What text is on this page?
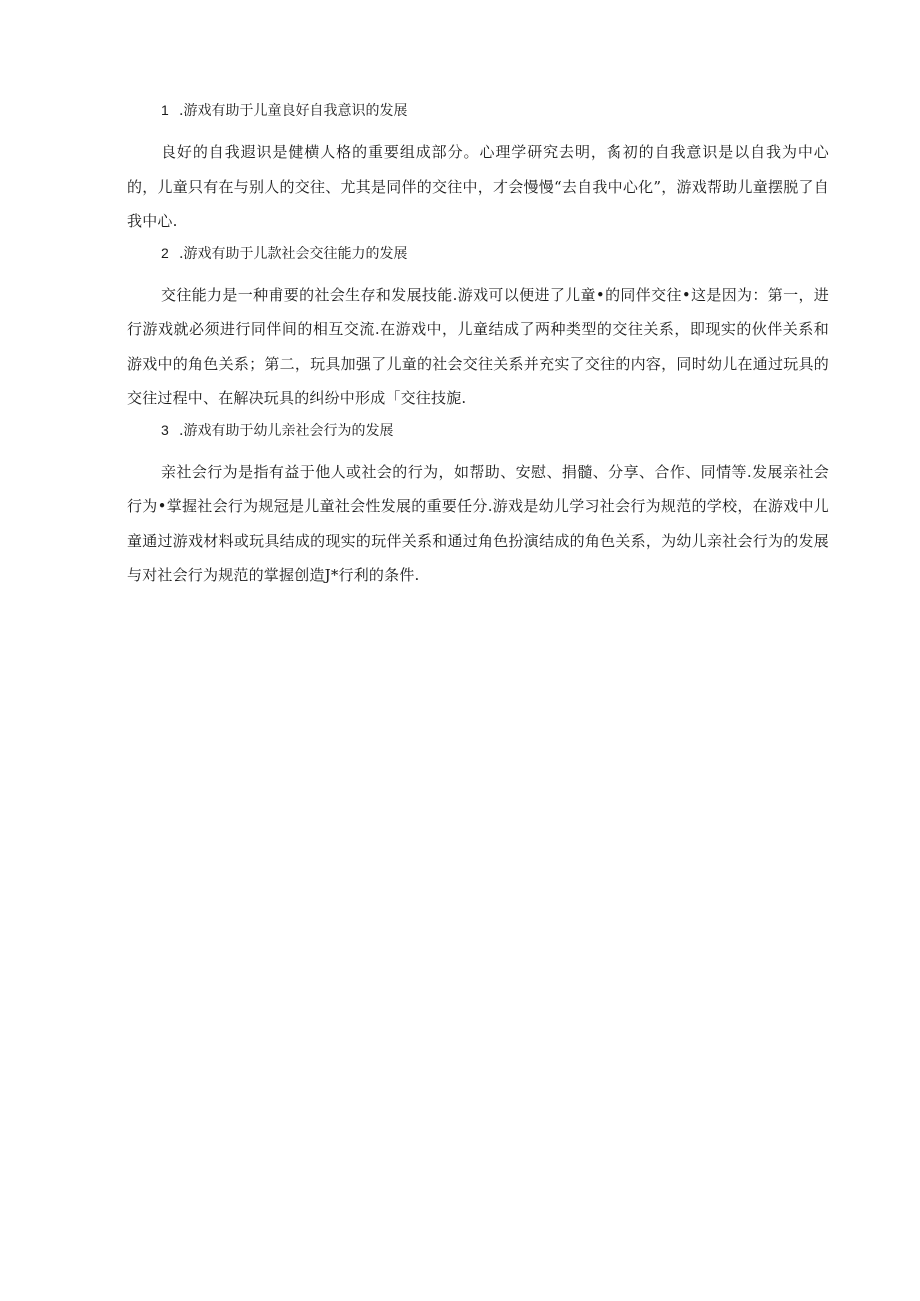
1 .游戏有助于儿童良好自我意识的发展

良好的自我遐识是健横人格的重要组成部分。心理学研究去明，䏑初的自我意识是以自我为中心的，儿童只有在与别人的交往、尤其是同伴的交往中，才会慢慢“去自我中心化”，游戏帮助儿童摆脱了自我中心.

2 .游戏有助于儿款社会交往能力的发展

交往能力是一种甫要的社会生存和发展技能.游戏可以便进了儿童•的同伴交往•这是因为：第一，进行游戏就必须进行同伴间的相互交流.在游戏中，儿童结成了两种类型的交往关系，即现实的伙伴关系和游戏中的角色关系；第二，玩具加强了儿童的社会交往关系并充实了交往的内容，同时幼儿在通过玩具的交往过程中、在解决玩具的纠纷中形成「交往技旎.

3 .游戏有助于幼儿亲社会行为的发展

亲社会行为是指有益于他人或社会的行为，如帮助、安慰、捐髓、分享、合作、同情等.发展亲社会行为•掌握社会行为规冠是儿童社会性发展的重要任分.游戏是幼儿学习社会行为规范的学校，在游戏中儿童通过游戏材料或玩具结成的现实的玩伴关系和通过角色扮演结成的角色关系，为幼儿亲社会行为的发展与对社会行为规范的掌握创造J*行利的条件.
